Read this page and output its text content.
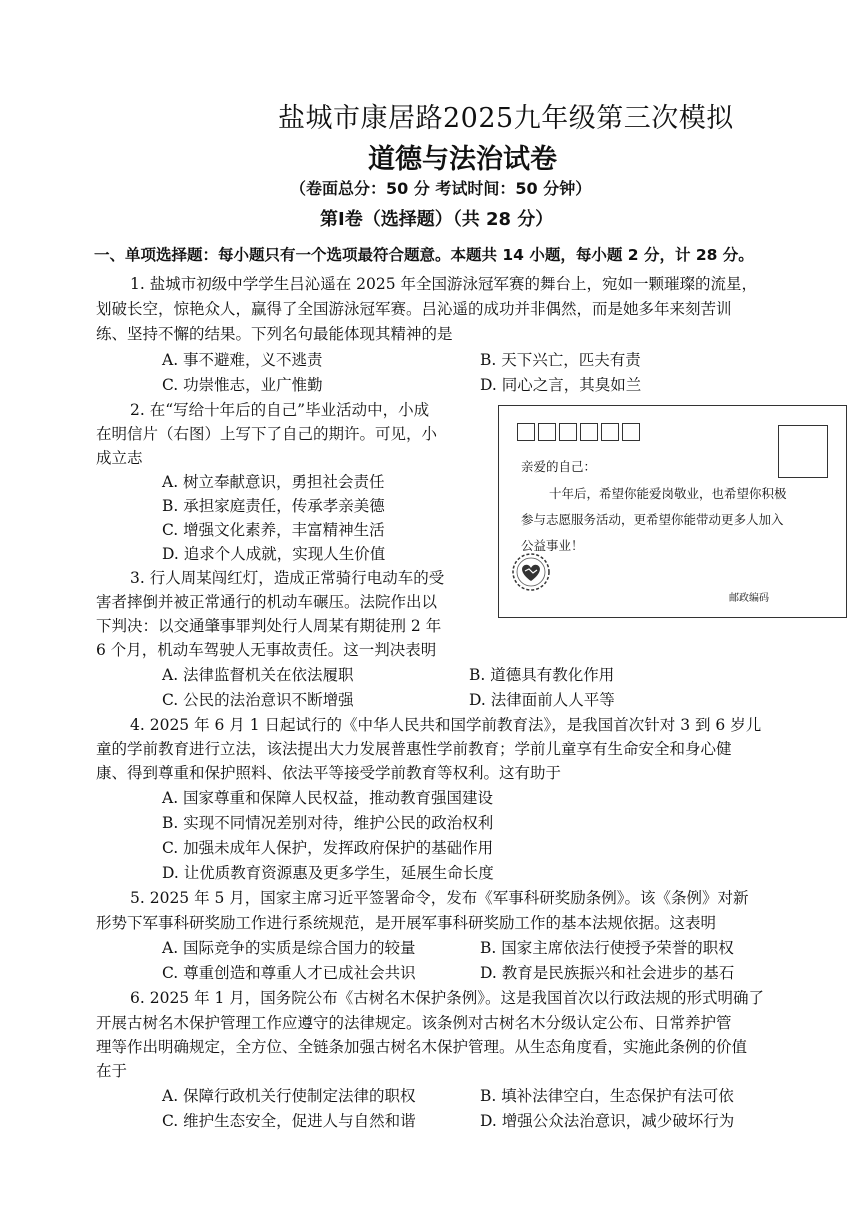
盐城市康居路2025九年级第三次模拟
道德与法治试卷
（卷面总分：50 分 考试时间：50 分钟）
第Ⅰ卷（选择题）（共 28 分）
一、单项选择题：每小题只有一个选项最符合题意。本题共 14 小题，每小题 2 分，计 28 分。
1. 盐城市初级中学学生吕沁遥在 2025 年全国游泳冠军赛的舞台上，宛如一颗璀璨的流星，
划破长空，惊艳众人，赢得了全国游泳冠军赛。吕沁遥的成功并非偶然，而是她多年来刻苦训
练、坚持不懈的结果。下列名句最能体现其精神的是
A. 事不避难，义不逃责	B. 天下兴亡，匹夫有责
C. 功崇惟志，业广惟勤	D. 同心之言，其臭如兰
2. 在“写给十年后的自己”毕业活动中，小成
在明信片（右图）上写下了自己的期许。可见，小
成立志
A. 树立奉献意识，勇担社会责任
B. 承担家庭责任，传承孝亲美德
C. 增强文化素养，丰富精神生活
D. 追求个人成就，实现人生价值
亲爱的自己：
十年后，希望你能爱岗敬业，也希望你积极
参与志愿服务活动，更希望你能带动更多人加入
公益事业！
邮政编码
3. 行人周某闯红灯，造成正常骑行电动车的受
害者摔倒并被正常通行的机动车碾压。法院作出以
下判决：以交通肇事罪判处行人周某有期徒刑 2 年
6 个月，机动车驾驶人无事故责任。这一判决表明
A. 法律监督机关在依法履职	B. 道德具有教化作用
C. 公民的法治意识不断增强	D. 法律面前人人平等
4. 2025 年 6 月 1 日起试行的《中华人民共和国学前教育法》，是我国首次针对 3 到 6 岁儿
童的学前教育进行立法，该法提出大力发展普惠性学前教育；学前儿童享有生命安全和身心健
康、得到尊重和保护照料、依法平等接受学前教育等权利。这有助于
A. 国家尊重和保障人民权益，推动教育强国建设
B. 实现不同情况差别对待，维护公民的政治权利
C. 加强未成年人保护，发挥政府保护的基础作用
D. 让优质教育资源惠及更多学生，延展生命长度
5. 2025 年 5 月，国家主席习近平签署命令，发布《军事科研奖励条例》。该《条例》对新
形势下军事科研奖励工作进行系统规范，是开展军事科研奖励工作的基本法规依据。这表明
A. 国际竞争的实质是综合国力的较量	B. 国家主席依法行使授予荣誉的职权
C. 尊重创造和尊重人才已成社会共识	D. 教育是民族振兴和社会进步的基石
6. 2025 年 1 月，国务院公布《古树名木保护条例》。这是我国首次以行政法规的形式明确了
开展古树名木保护管理工作应遵守的法律规定。该条例对古树名木分级认定公布、日常养护管
理等作出明确规定，全方位、全链条加强古树名木保护管理。从生态角度看，实施此条例的价值
在于
A. 保障行政机关行使制定法律的职权	B. 填补法律空白，生态保护有法可依
C. 维护生态安全，促进人与自然和谐	D. 增强公众法治意识，减少破坏行为
